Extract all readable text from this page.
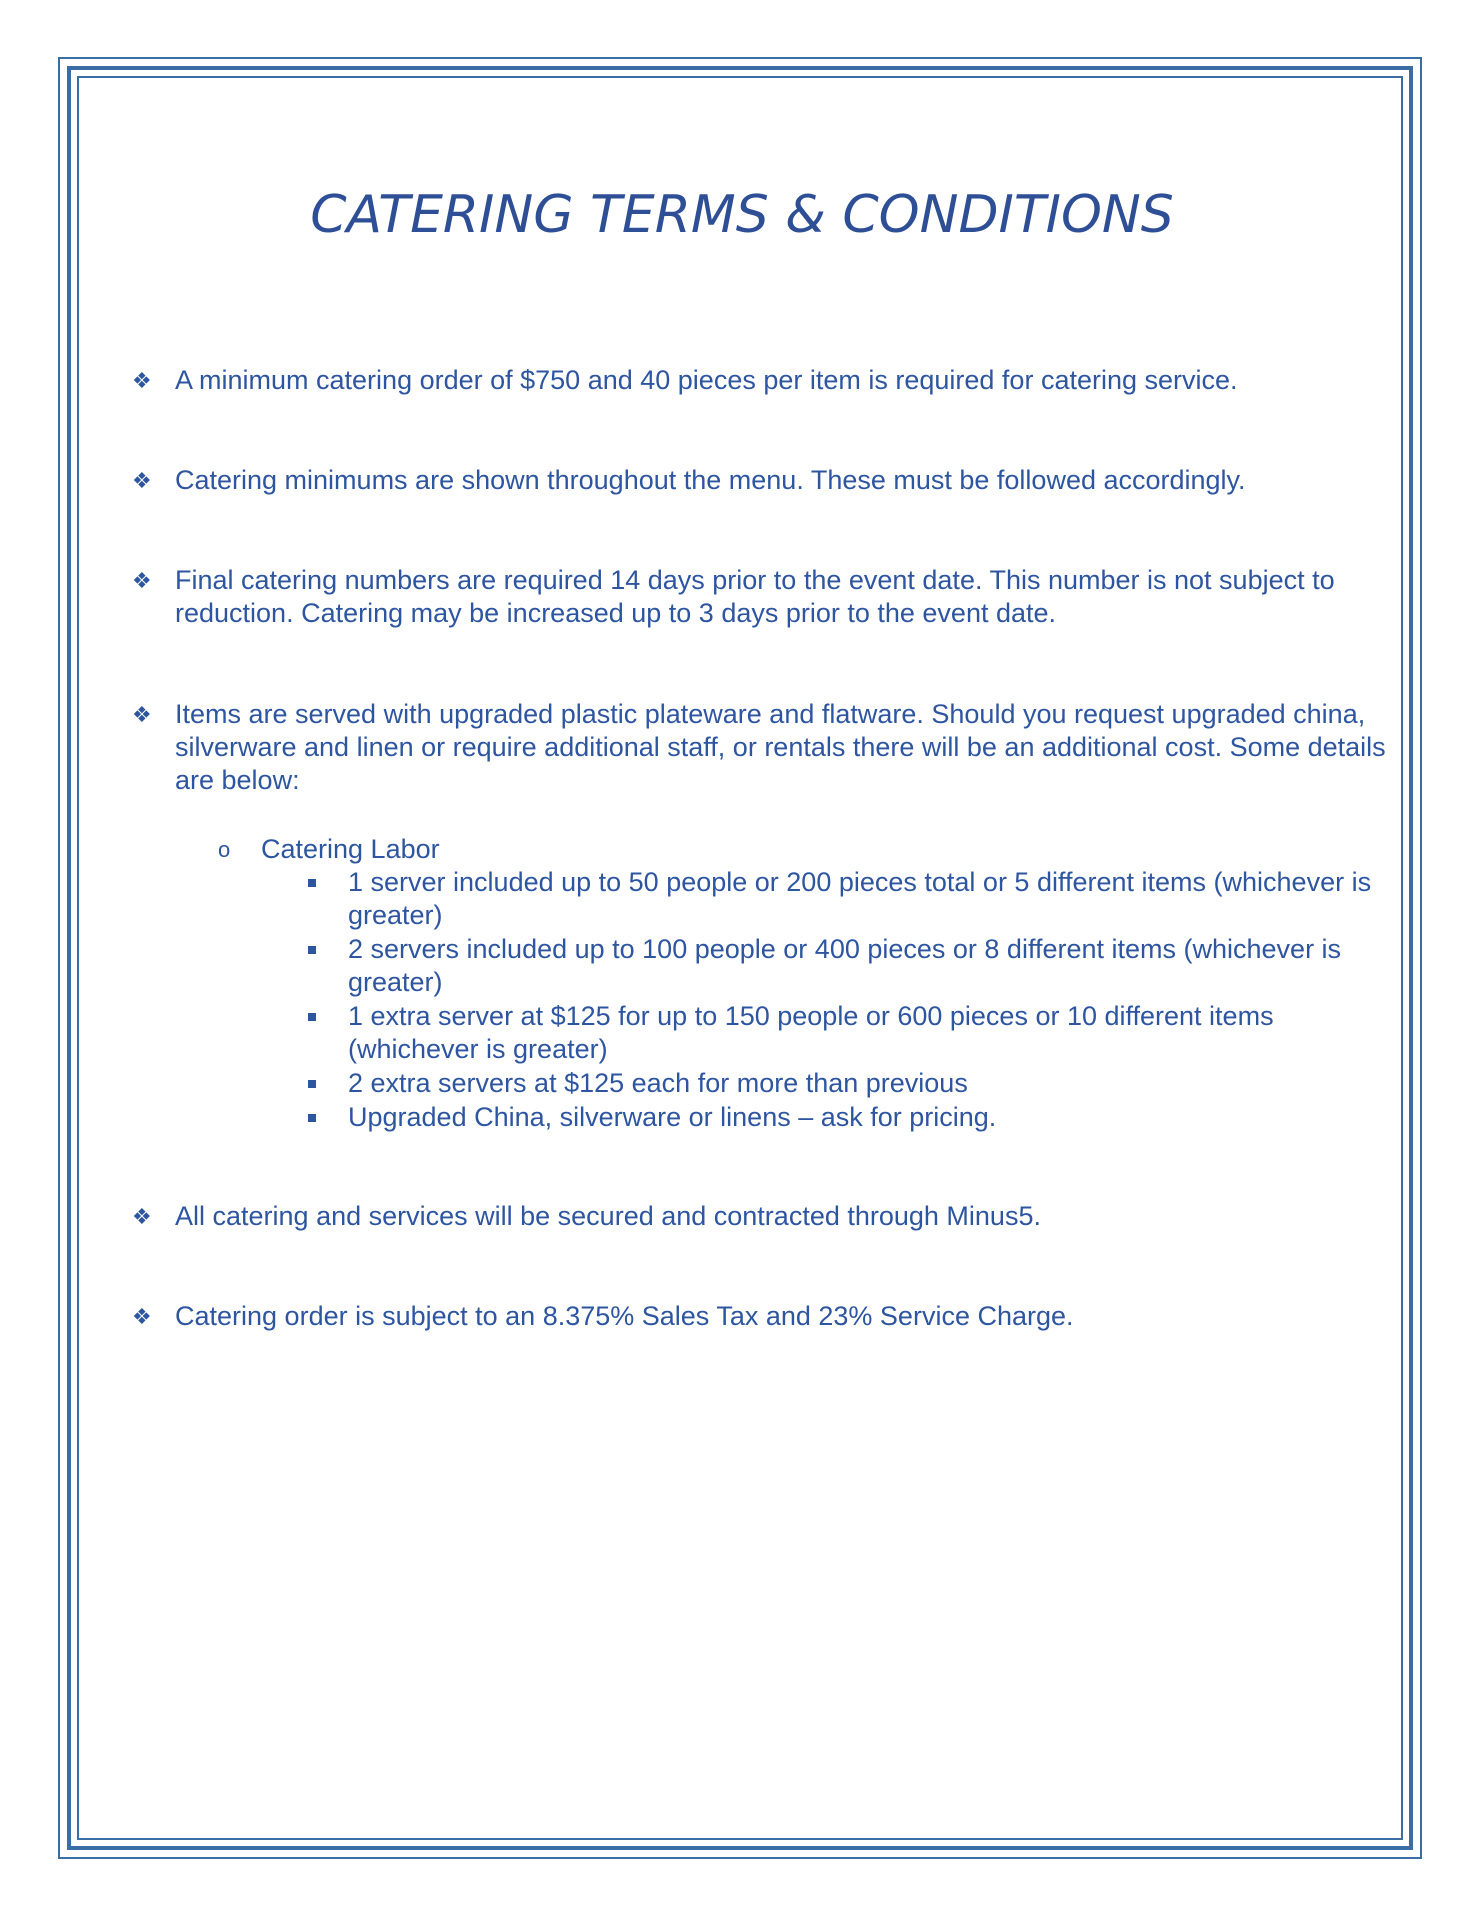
CATERING TERMS & CONDITIONS
❖ A minimum catering order of $750 and 40 pieces per item is required for catering service.
❖ Catering minimums are shown throughout the menu. These must be followed accordingly.
❖ Final catering numbers are required 14 days prior to the event date. This number is not subject to reduction. Catering may be increased up to 3 days prior to the event date.
❖ Items are served with upgraded plastic plateware and flatware. Should you request upgraded china, silverware and linen or require additional staff, or rentals there will be an additional cost. Some details are below:
o Catering Labor
1 server included up to 50 people or 200 pieces total or 5 different items (whichever is greater)
2 servers included up to 100 people or 400 pieces or 8 different items (whichever is greater)
1 extra server at $125 for up to 150 people or 600 pieces or 10 different items (whichever is greater)
2 extra servers at $125 each for more than previous
Upgraded China, silverware or linens – ask for pricing.
❖ All catering and services will be secured and contracted through Minus5.
❖ Catering order is subject to an 8.375% Sales Tax and 23% Service Charge.
